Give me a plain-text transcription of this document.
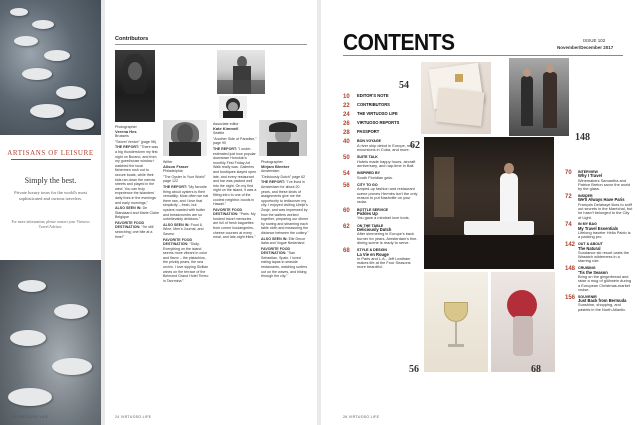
ARTISANS OF LEISURE
Simply the best.
Private luxury tours for the world's most sophisticated and curious travelers.
For more information, please contact your Virtuoso Travel Advisor.
Contributors
Photographer
Verena Hes
Brussels
"Secret Venice" (page 96)

THE REPORT: "There was a big thunderstorm my first night on Burano, and from my guesthouse window I watched the local fishermen rush out to secure boats, while their kids ran down the narrow streets and played in the wind. You can truly experience the islanders' daily lives in the evenings and early mornings."

ALSO SEEN IN: De Standaard and Marie Claire Belgique

FAVORITE FOOD DESTINATION: "I'm still searching; one bite at a time!"

Writer
Alison Fraser
Philadelphia
"The Oyster Is Your World" page 122

THE REPORT: "My favorite thing about oysters is their versatility. Most often we eat them raw, and I love that simplicity – fresh, but oysters roasted with butter and breadcrumbs are so unbelievably delicious."

ALSO SEEN IN: Food & Wine, Men's Journal, and Saveur

FAVORITE FOOD DESTINATION: "Sicily. Everything on the island seems more vibrant in color and flavor – the pistachios, the prickly pears, the sea urchin. I love sipping Sicilian wines on the terrace of the Belmond Grand Hotel Timeo in Taormina."

Associate editor
Kate Kimmell
Seattle
"Another Side of Paradise," page 90

THE REPORT: "I under-estimated just how popular downtown Honolulu's monthly First Friday Art Walk really was. Galleries and boutiques stayed open late, and every restaurant and bar was packed well into the night. On my first night on the island, it was a fitting intro to one of the coolest neighbor-hoods in Hawaii."

FAVORITE FOOD DESTINATION: "Paris. My fondest travel memories are full of fresh baguettes from corner boulangeries, cheese courses at every meal, and late-night frites."

Photographer
Mirjam Bleeker
Amsterdam
"Deliciously Dutch" page 62

THE REPORT: "I've lived in Amsterdam for about 20 years, and these kinds of assignments give me the opportunity to rediscover my city. I enjoyed visiting Librije's Zusje, and was impressed by how the waiters worked together, preparing our dinner by rowing and steaming each table cloth and measuring the distance between the cutlery."

ALSO SEEN IN: Elle Decor Italia and Vogue Nederland

FAVORITE FOOD DESTINATION: "San Sebastian, Spain. I loved eating tapas in seaside restaurants, watching surfers out on the waves, and biking through the city."

24 VIRTUOSO LIFE
CONTENTS	ISSUE 102
November/December 2017
54
148
62
56	68
10	EDITOR'S NOTE
22	CONTRIBUTORS
24	THE VIRTUOSO LIFE
26	VIRTUOSO REPORTS
28	PASSPORT
40	BON VOYAGE
A river ship debut in Europe, new excursions in Cuba, and more.
50	SUITE TALK
Hotels made happy hours, aircraft anniversary, and nap-time in Bali.
54	INSPIRED BY
South Floridian gala.
56	CITY TO GO
Amped-up fashion and restaurant scene proves Hermès isn't the only reason to put Nashville on your radar.
60	BOTTLE SERVICE
Pickles Up
You gave a mindset love tools.
62	ON THE TABLE
Deliciously Dutch
After simmering in Europe's back burner for years, Amsterdam's fine-dining scene is ready to serve.
68	STYLE & DESIGN
La Vie en Rouge
In Paris and L.A., Jeff Leatham makes life at the Four Seasons more beautiful.
70	INTERVIEW
Why I Travel
Winemakers Samantha and Patrice Breton savor the world by the glass.
72	INSIDER
We'll Always Have Paris
François Delahaye likes to sniff out secrets in the Maréchal, but he hasn't belonged to the City of Light.
74	IN MY BAG
My Travel Essentials
Lifelong traveler Hélia Pablo is a packing pro.
142 OUT & ABOUT
The Natural
Sundance ski resort casts the Wasatch wilderness in a starring role.
148 CRUISING
'Tis the Season
Bring on the gingerbread and raise a mug of glühwein during a European Christmas-market cruise.
156 SOUVENIR
Just Back from Bermuda
Sunshine, shopping, and pastels in the North Atlantic.
26 VIRTUOSO LIFE
22 VIRTUOSO LIFE
